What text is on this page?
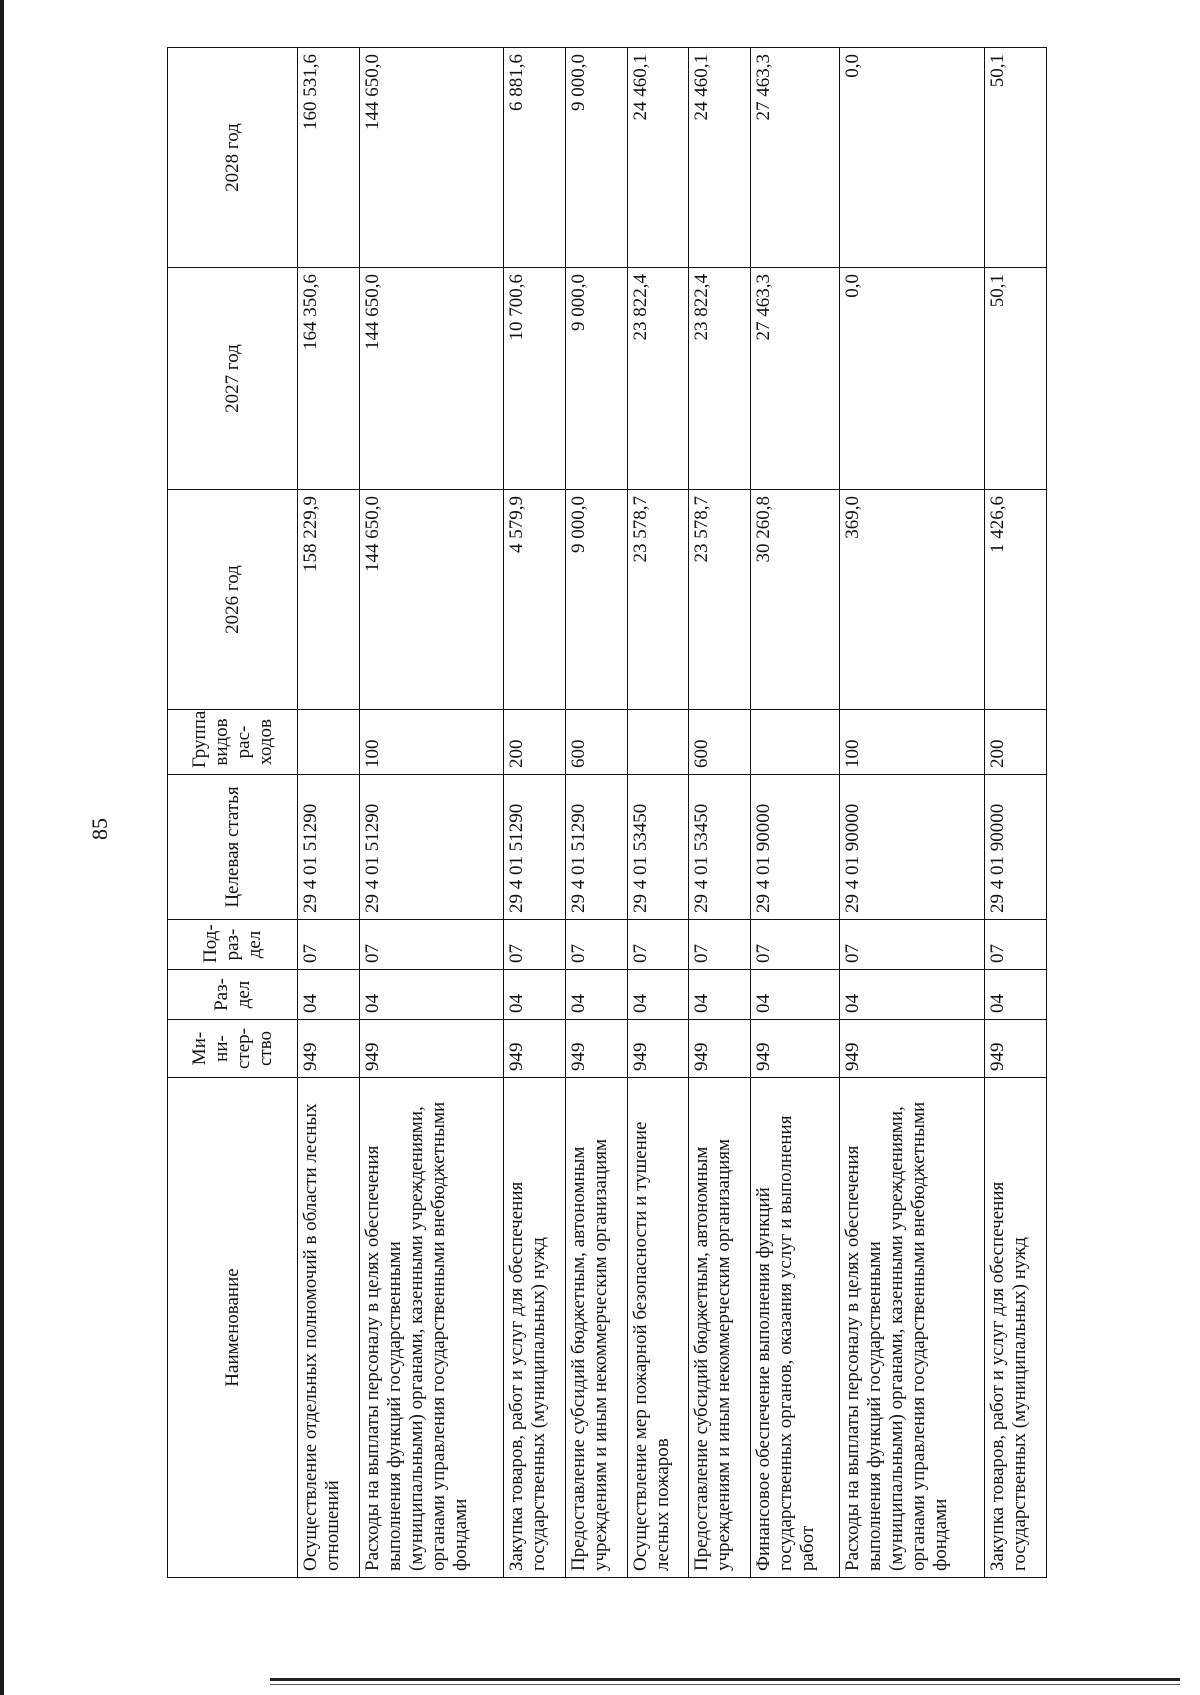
85
Наименование	Ми-ни-стер-ство	Раз-дел	Под-раз-дел	Целевая статья	Группа видов рас-ходов	2026 год	2027 год	2028 год
Осуществление отдельных полномочий в области лесных отношений	949	04	07	29 4 01 51290		158 229,9	164 350,6	160 531,6
Расходы на выплаты персоналу в целях обеспечения выполнения функций государственными (муниципальными) органами, казенными учреждениями, органами управления государственными внебюджетными фондами	949	04	07	29 4 01 51290	100	144 650,0	144 650,0	144 650,0
Закупка товаров, работ и услуг для обеспечения государственных (муниципальных) нужд	949	04	07	29 4 01 51290	200	4 579,9	10 700,6	6 881,6
Предоставление субсидий бюджетным, автономным учреждениям и иным некоммерческим организациям	949	04	07	29 4 01 51290	600	9 000,0	9 000,0	9 000,0
Осуществление мер пожарной безопасности и тушение лесных пожаров	949	04	07	29 4 01 53450		23 578,7	23 822,4	24 460,1
Предоставление субсидий бюджетным, автономным учреждениям и иным некоммерческим организациям	949	04	07	29 4 01 53450	600	23 578,7	23 822,4	24 460,1
Финансовое обеспечение выполнения функций государственных органов, оказания услуг и выполнения работ	949	04	07	29 4 01 90000		30 260,8	27 463,3	27 463,3
Расходы на выплаты персоналу в целях обеспечения выполнения функций государственными (муниципальными) органами, казенными учреждениями, органами управления государственными внебюджетными фондами	949	04	07	29 4 01 90000	100	369,0	0,0	0,0
Закупка товаров, работ и услуг для обеспечения государственных (муниципальных) нужд	949	04	07	29 4 01 90000	200	1 426,6	50,1	50,1
